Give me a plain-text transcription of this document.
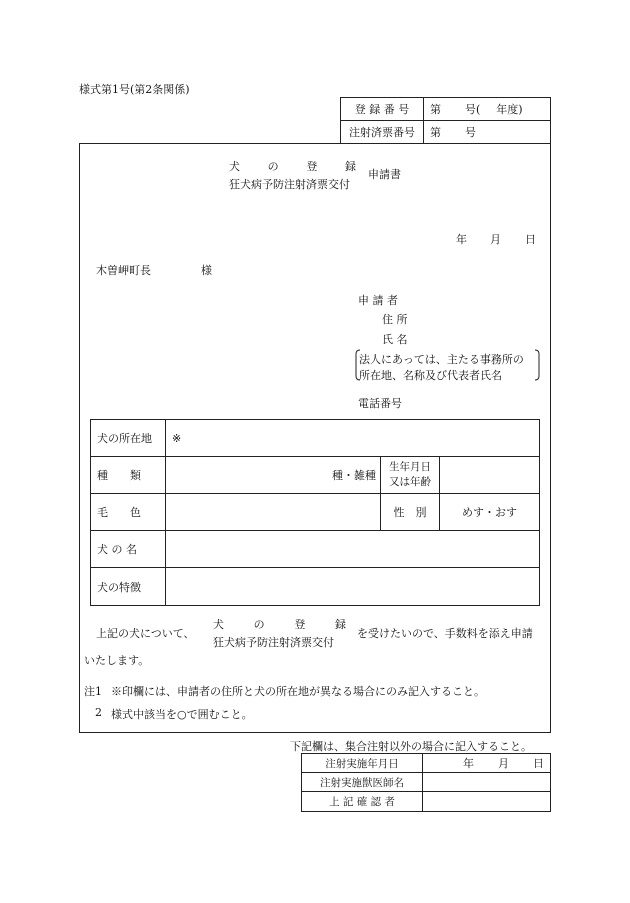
様式第1号(第2条関係)
登 録 番 号	第 号( 年度)

注射済票番号	第 号
犬	の	登	録
狂犬病予防注射済票交付
申請書
年 月 日
木曽岬町長	様
申 請 者
住 所
氏 名
法人にあっては、主たる事務所の
所在地、名称及び代表者氏名
電話番号
犬の所在地	※		

種　　類	種・雑種	生年月日
又は年齢	

毛　　色		性　別	めす・おす

犬 の 名			

犬の特徴			

上記の犬について、
犬	の	登	録
狂犬病予防注射済票交付
を受けたいので、手数料を添え申請
いたします。
注1 ※印欄には、申請者の住所と犬の所在地が異なる場合にのみ記入すること。
2 様式中該当を○で囲むこと。
下記欄は、集合注射以外の場合に記入すること。
注射実施年月日	年 月 日

注射実施獣医師名	

上 記 確 認 者	
